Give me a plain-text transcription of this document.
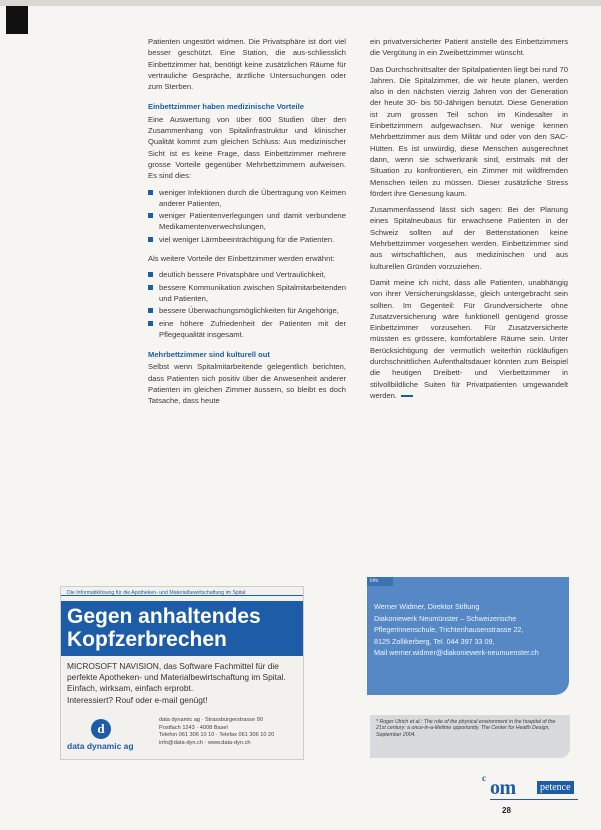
Patienten ungestört widmen. Die Privatsphäre ist dort viel besser geschützt. Eine Station, die aus-schliesslich Einbettzimmer hat, benötigt keine zusätzlichen Räume für vertrauliche Gespräche, ärztliche Untersuchungen oder zum Sterben.

Einbettzimmer haben medizinische Vorteile

Eine Auswertung von über 600 Studien über den Zusammenhang von Spitalinfrastruktur und klinischer Qualität kommt zum gleichen Schluss: Aus medizinischer Sicht ist es keine Frage, dass Einbettzimmer mehrere grosse Vorteile gegenüber Mehrbettzimmern aufweisen. Es sind dies:

weniger Infektionen durch die Übertragung von Keimen anderer Patienten,
weniger Patientenverlegungen und damit verbundene Medikamentenverwechslungen,
viel weniger Lärmbeeinträchtigung für die Patienten.

Als weitere Vorteile der Einbettzimmer werden erwähnt:

deutlich bessere Privatsphäre und Vertraulichkeit,
bessere Kommunikation zwischen Spitalmitarbeitenden und Patienten,
bessere Überwachungsmöglichkeiten für Angehörige,
eine höhere Zufriedenheit der Patienten mit der Pflegequalität insgesamt.
Mehrbettzimmer sind kulturell out

Selbst wenn Spitalmitarbeitende gelegentlich berichten, dass Patienten sich positiv über die Anwesenheit anderer Patienten im gleichen Zimmer äussern, so bleibt es doch Tatsache, dass heute

ein privatversicherter Patient anstelle des Einbettzimmers die Vergütung in ein Zweibettzimmer wünscht.

Das Durchschnittsalter der Spitalpatienten liegt bei rund 70 Jahren. Die Spitalzimmer, die wir heute planen, werden also in den nächsten vierzig Jahren von der Generation der heute 30- bis 50-Jährigen benutzt. Diese Generation ist zum grossen Teil schon im Kindesalter in Einbettzimmern aufgewachsen. Nur wenige kennen Mehrbettzimmer aus dem Militär und oder von den SAC-Hütten. Es ist unwürdig, diese Menschen ausgerechnet dann, wenn sie schwerkrank sind, erstmals mit der Situation zu konfrontieren, ein Zimmer mit wildfremden Menschen teilen zu müssen. Dieser zusätzliche Stress fördert ihre Genesung kaum.

Zusammenfassend lässt sich sagen: Bei der Planung eines Spitalneubaus für erwachsene Patienten in der Schweiz sollten auf der Bettenstationen keine Mehrbettzimmer vorgesehen werden. Einbettzimmer sind aus wirtschaftlichen, aus medizinischen und aus kulturellen Gründen vorzuziehen.

Damit meine ich nicht, dass alle Patienten, unabhängig von ihrer Versicherungsklasse, gleich untergebracht sein sollten. Im Gegenteil: Für Grundversicherte ohne Zusatzversicherung wäre funktionell genügend grosse Einbettzimmer vorzusehen. Für Zusatzversicherte müssten es grössere, komfortablere Räume sein. Unter Berücksichtigung der vermutlich weiterhin rückläufigen durchschnittlichen Aufenthaltsdauer könnten zum Beispiel die heutigen Dreibett- und Vierbettzimmer in stilvollbildliche Suiten für Privatpatienten umgewandelt werden.

Die Informatiklösung für die Apotheken- und Materialbewirtschaftung im Spital
Gegen anhaltendes
Kopfzerbrechen
MICROSOFT NAVISION, das Software Fachmittel für die perfekte Apotheken- und Materialbewirtschaftung im Spital. Einfach, wirksam, einfach erprobt.
Interessiert? Rouf oder e-mail genügt!
d
data dynamic ag
data dynamic ag · Strassburgerstrasse 90
Postfach 1243 · 4008 Basel
Telefon 061 306 10 10 · Telefax 061 306 10 20
info@data-dyn.ch · www.data-dyn.ch
Info
Werner Widmer, Direktor Stiftung
Diakoniewerk Neumünster – Schweizerische
Pflegerinnenschule, Trichtenhausenstrasse 22,
8125 Zollikerberg, Tel. 044 397 33 09,
Mail werner.widmer@diakoniewerk-neumuenster.ch
* Roger Ulrich et al.: The role of the physical environment in the hospital of the 21st century: a once-in-a-lifetime opportunity. The Center for Health Design, September 2004.
c om	petence
28
